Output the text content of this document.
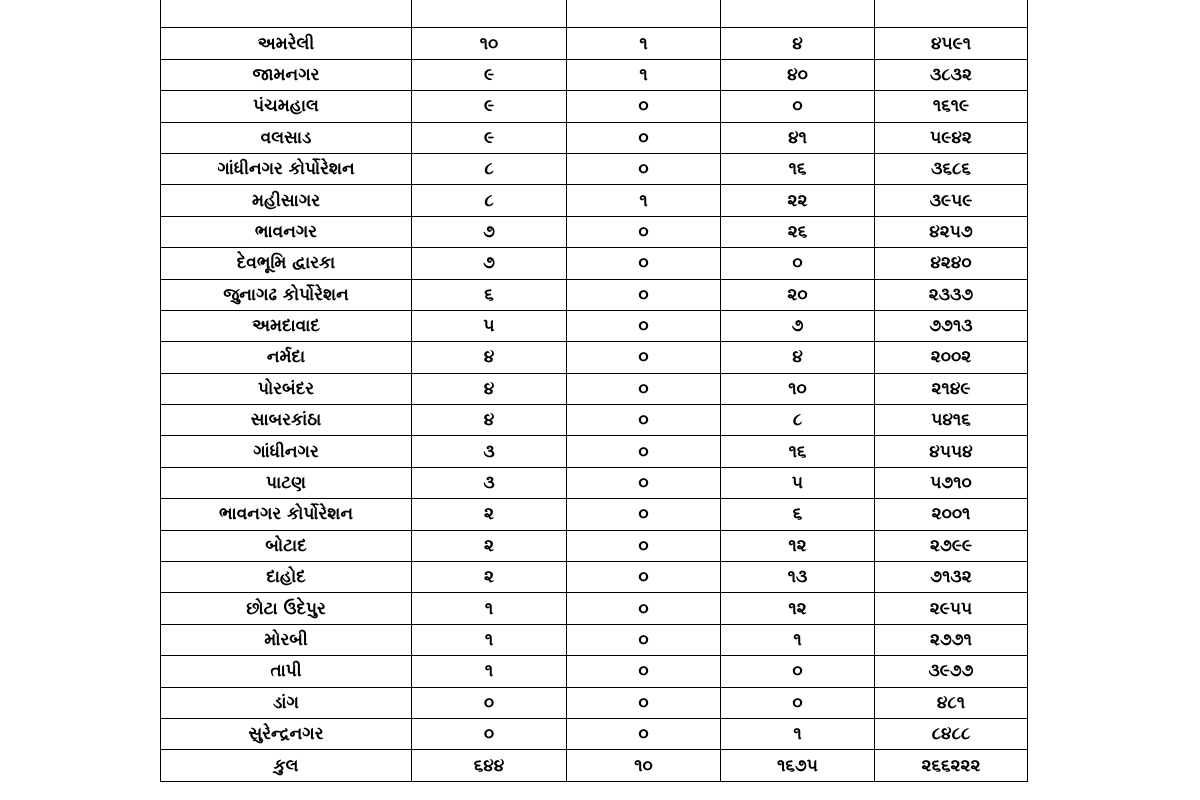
અમરેલી	૧૦	૧	૪	૪૫૯૧
જામનગર	૯	૧	૪૦	૩૮૩૨
પંચમહાલ	૯	૦	૦	૧૬૧૯
વલસાડ	૯	૦	૪૧	૫૯૪૨
ગાંધીનગર કોર્પોરેશન	૮	૦	૧૬	૩૬૮૬
મહીસાગર	૮	૧	૨૨	૩૯૫૯
ભાવનગર	૭	૦	૨૬	૪૨૫૭
દેવભૂમિ દ્વારકા	૭	૦	૦	૪૨૪૦
જુનાગઢ કોર્પોરેશન	૬	૦	૨૦	૨૩૩૭
અમદાવાદ	૫	૦	૭	૭૭૧૩
નર્મદા	૪	૦	૪	૨૦૦૨
પોરબંદર	૪	૦	૧૦	૨૧૪૯
સાબરકાંઠા	૪	૦	૮	૫૪૧૬
ગાંધીનગર	૩	૦	૧૬	૪૫૫૪
પાટણ	૩	૦	૫	૫૭૧૦
ભાવનગર કોર્પોરેશન	૨	૦	૬	૨૦૦૧
બોટાદ	૨	૦	૧૨	૨૭૯૯
દાહોદ	૨	૦	૧૩	૭૧૩૨
છોટા ઉદેપુર	૧	૦	૧૨	૨૯૫૫
મોરબી	૧	૦	૧	૨૭૭૧
તાપી	૧	૦	૦	૩૯૭૭
ડાંગ	૦	૦	૦	૪૮૧
સુરેન્દ્રનગર	૦	૦	૧	૮૪૮૮
કુલ	૬૪૪	૧૦	૧૬૭૫	૨૬૬૨૨૨
